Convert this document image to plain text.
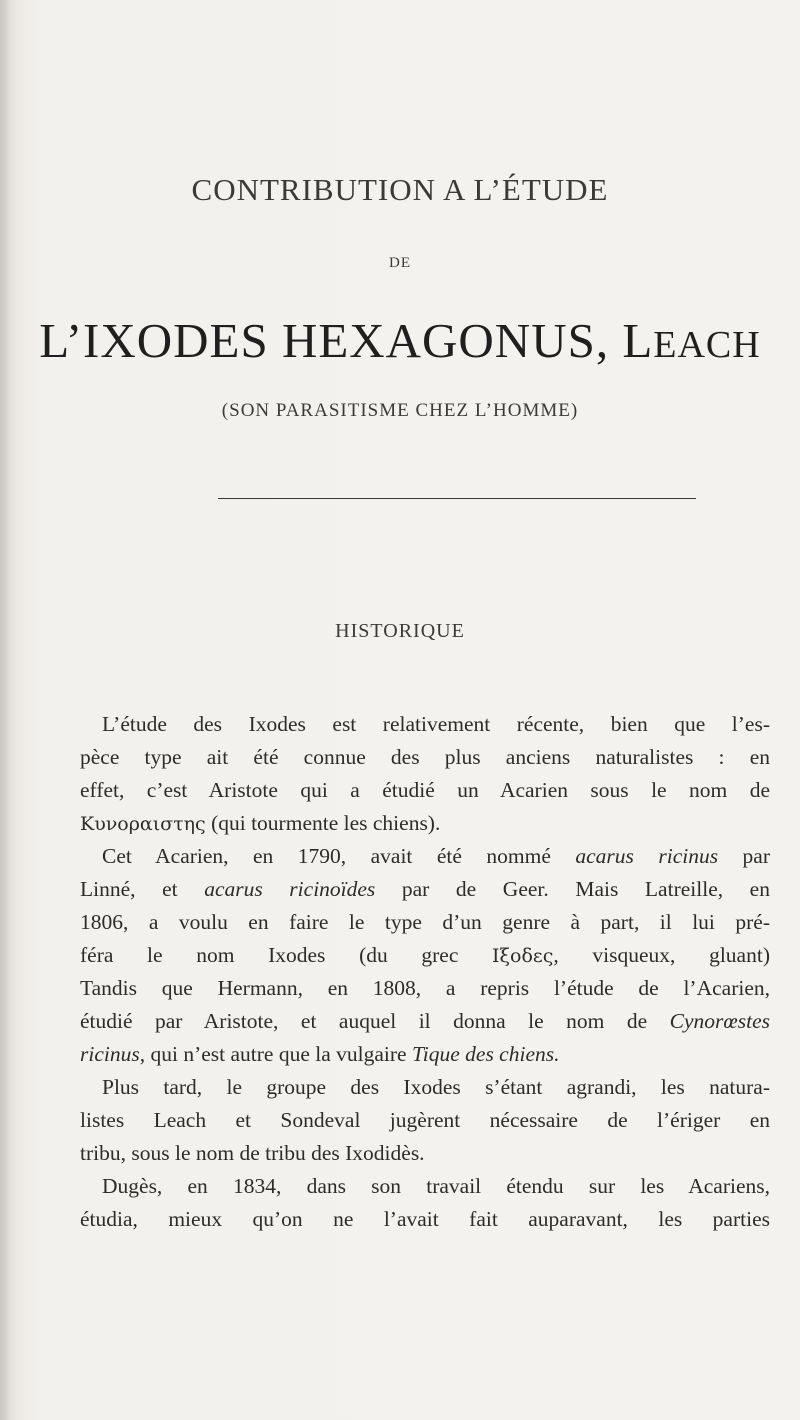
CONTRIBUTION A L’ÉTUDE
DE
L’IXODES HEXAGONUS, LEACH
(SON PARASITISME CHEZ L’HOMME)
HISTORIQUE
L’étude des Ixodes est relativement récente, bien que l’es-
pèce type ait été connue des plus anciens naturalistes : en
effet, c’est Aristote qui a étudié un Acarien sous le nom de
Κυνοραιστης (qui tourmente les chiens).
Cet Acarien, en 1790, avait été nommé acarus ricinus par
Linné, et acarus ricinoïdes par de Geer. Mais Latreille, en
1806, a voulu en faire le type d’un genre à part, il lui pré-
féra le nom Ixodes (du grec Ιξοδες, visqueux, gluant)
Tandis que Hermann, en 1808, a repris l’étude de l’Acarien,
étudié par Aristote, et auquel il donna le nom de Cynorœstes
ricinus, qui n’est autre que la vulgaire Tique des chiens.
Plus tard, le groupe des Ixodes s’étant agrandi, les natura-
listes Leach et Sondeval jugèrent nécessaire de l’ériger en
tribu, sous le nom de tribu des Ixodidès.
Dugès, en 1834, dans son travail étendu sur les Acariens,
étudia, mieux qu’on ne l’avait fait auparavant, les parties
